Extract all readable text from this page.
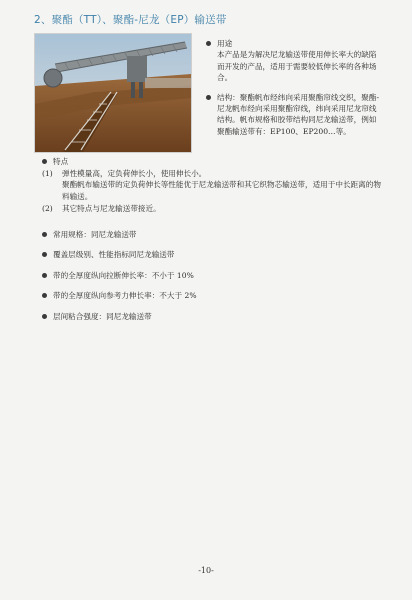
2、聚酯（TT）、聚酯-尼龙（EP）输送带
用途
本产品是为解决尼龙输送带使用伸长率大的缺陷而开发的产品，适用于需要较低伸长率的各种场合。
结构：聚酯帆布经纬向采用聚酯帘线交织，聚酯-尼龙帆布经向采用聚酯帘线，纬向采用尼龙帘线结构。帆布规格和胶带结构同尼龙输送带，例如聚酯输送带有：EP100、EP200…等。
特点
(1) 弹性模量高，定负荷伸长小，使用伸长小。
聚酯帆布输送带的定负荷伸长等性能优于尼龙输送带和其它织物芯输送带，适用于中长距离的物料输送。
(2) 其它特点与尼龙输送带接近。
常用规格：同尼龙输送带
覆盖层级别、性能指标同尼龙输送带
带的全厚度纵向拉断伸长率：不小于 10%
带的全厚度纵向参考力伸长率：不大于 2%
层间粘合强度：同尼龙输送带
-10-
